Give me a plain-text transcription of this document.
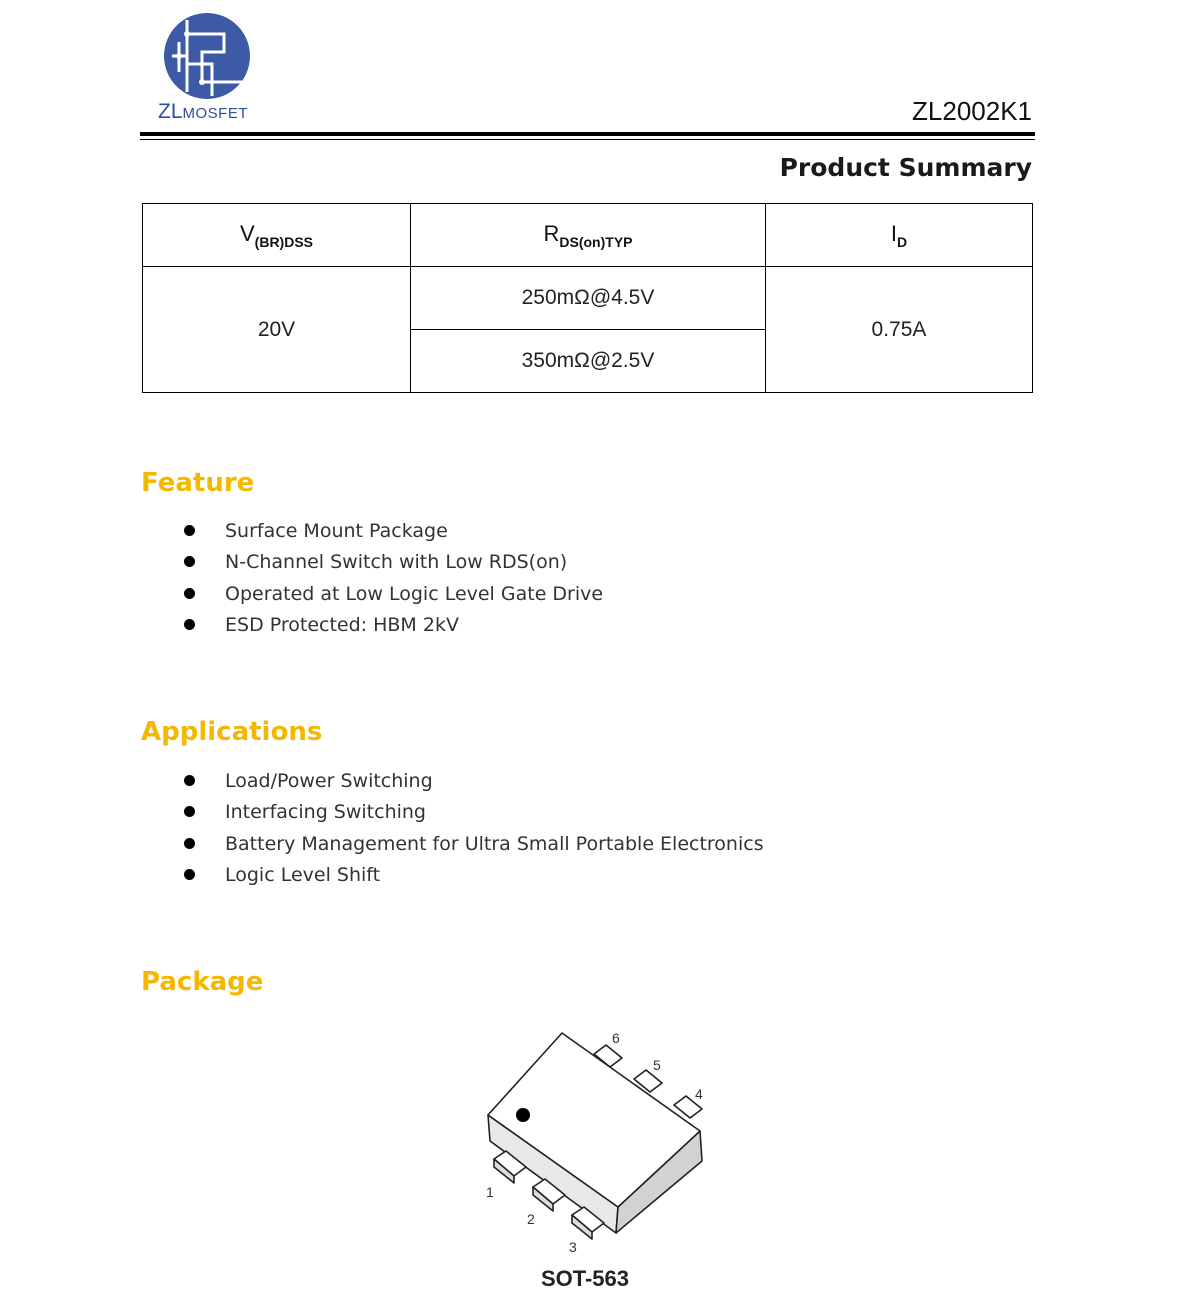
ZLMOSFET	ZL2002K1
Product Summary
$V_{(BR)DSS}$	$R_{DS(on)TYP}$	$I_D$
20V	250mΩ@4.5V	0.75A
	350mΩ@2.5V	
Feature
Surface Mount Package
N-Channel Switch with Low RDS(on)
Operated at Low Logic Level Gate Drive
ESD Protected: HBM 2kV
Applications
Load/Power Switching
Interfacing Switching
Battery Management for Ultra Small Portable Electronics
Logic Level Shift
Package
1
2
3
4
5
6
SOT-563
